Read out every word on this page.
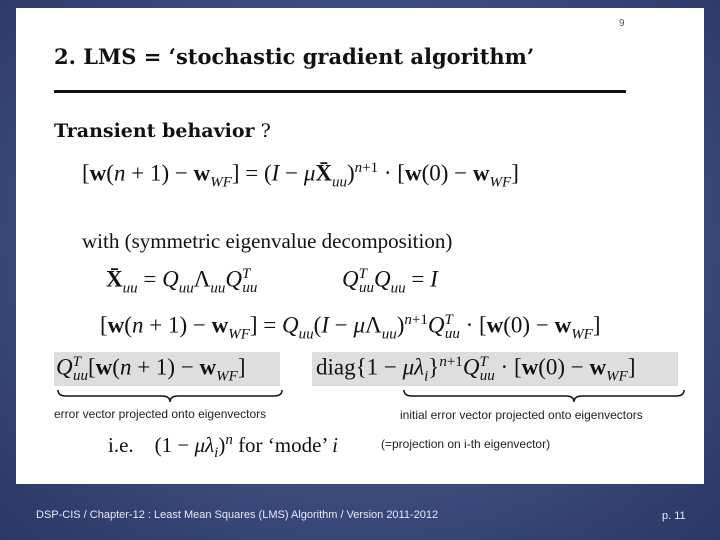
9
2. LMS = ‘stochastic gradient algorithm’
Transient behavior ?
$[w(n + 1) - w_{WF}] = (I$ − $\mu X̄_{uu})^{n+1} \cdot [w(0) - w_{WF}]$
with (symmetric eigenvalue decomposition)
$X̄_{uu} = Q_{uu}\Lambda_{uu}Q^T_{uu}$	$Q^T_{uu}Q_{uu} = I$
$[w(n + 1) - w_{WF}] = Q_{uu}(I - \mu\Lambda_{uu})^{n+1}Q^T_{uu} \cdot [w(0) - w_{WF}]$
$Q^T_{uu}[w(n + 1) - w_{WF}]$	diag{1 − $\mu\lambda_i\}^{n+1}Q^T_{uu} \cdot [w(0) - w_{WF}]$
error vector projected onto eigenvectors	initial error vector projected onto eigenvectors
i.e.    $(1 - \mu\lambda_i)^n$ for ‘mode’ i	(=projection on i-th eigenvector)
DSP-CIS / Chapter-12 : Least Mean Squares (LMS) Algorithm / Version 2011-2012	p. 11
